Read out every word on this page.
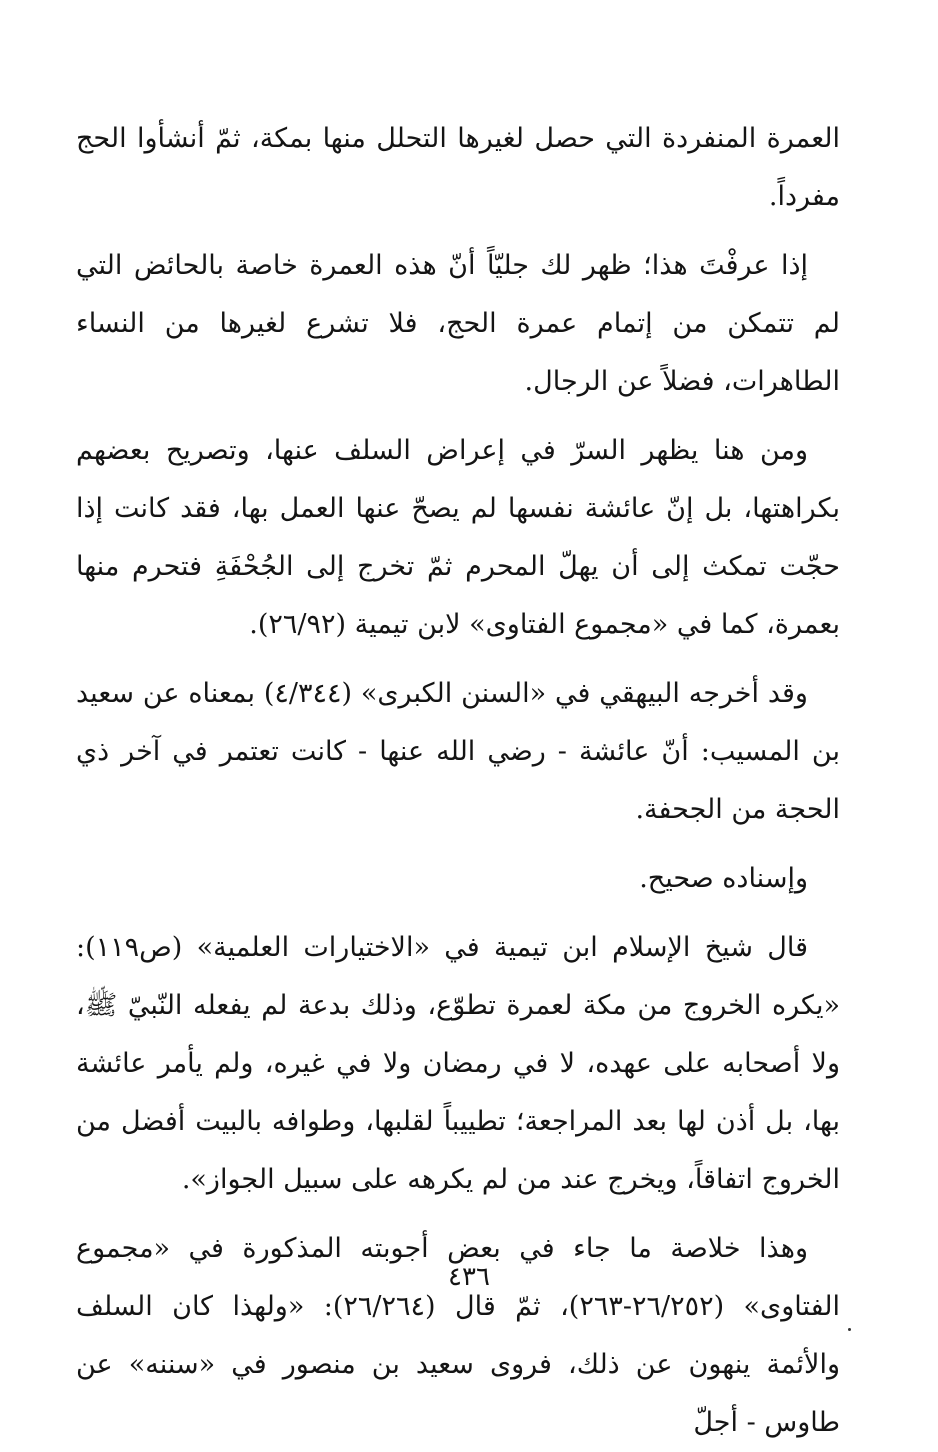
العمرة المنفردة التي حصل لغيرها التحلل منها بمكة، ثمّ أنشأوا الحج مفرداً.

إذا عرفْتَ هذا؛ ظهر لك جليّاً أنّ هذه العمرة خاصة بالحائض التي لم تتمكن من إتمام عمرة الحج، فلا تشرع لغيرها من النساء الطاهرات، فضلاً عن الرجال.

ومن هنا يظهر السرّ في إعراض السلف عنها، وتصريح بعضهم بكراهتها، بل إنّ عائشة نفسها لم يصحّ عنها العمل بها، فقد كانت إذا حجّت تمكث إلى أن يهلّ المحرم ثمّ تخرج إلى الجُحْفَةِ فتحرم منها بعمرة، كما في «مجموع الفتاوى» لابن تيمية (٢٦/٩٢).

وقد أخرجه البيهقي في «السنن الكبرى» (٤/٣٤٤) بمعناه عن سعيد بن المسيب: أنّ عائشة - رضي الله عنها - كانت تعتمر في آخر ذي الحجة من الجحفة.

وإسناده صحيح.

قال شيخ الإسلام ابن تيمية في «الاختيارات العلمية» (ص١١٩): «يكره الخروج من مكة لعمرة تطوّع، وذلك بدعة لم يفعله النّبيّ ﷺ، ولا أصحابه على عهده، لا في رمضان ولا في غيره، ولم يأمر عائشة بها، بل أذن لها بعد المراجعة؛ تطييباً لقلبها، وطوافه بالبيت أفضل من الخروج اتفاقاً، ويخرج عند من لم يكرهه على سبيل الجواز».

وهذا خلاصة ما جاء في بعض أجوبته المذكورة في «مجموع الفتاوى» (٢٦/٢٥٢-٢٦٣)، ثمّ قال (٢٦/٢٦٤): «ولهذا كان السلف والأئمة ينهون عن ذلك، فروى سعيد بن منصور في «سننه» عن طاوس - أجلّ

٤٣٦
